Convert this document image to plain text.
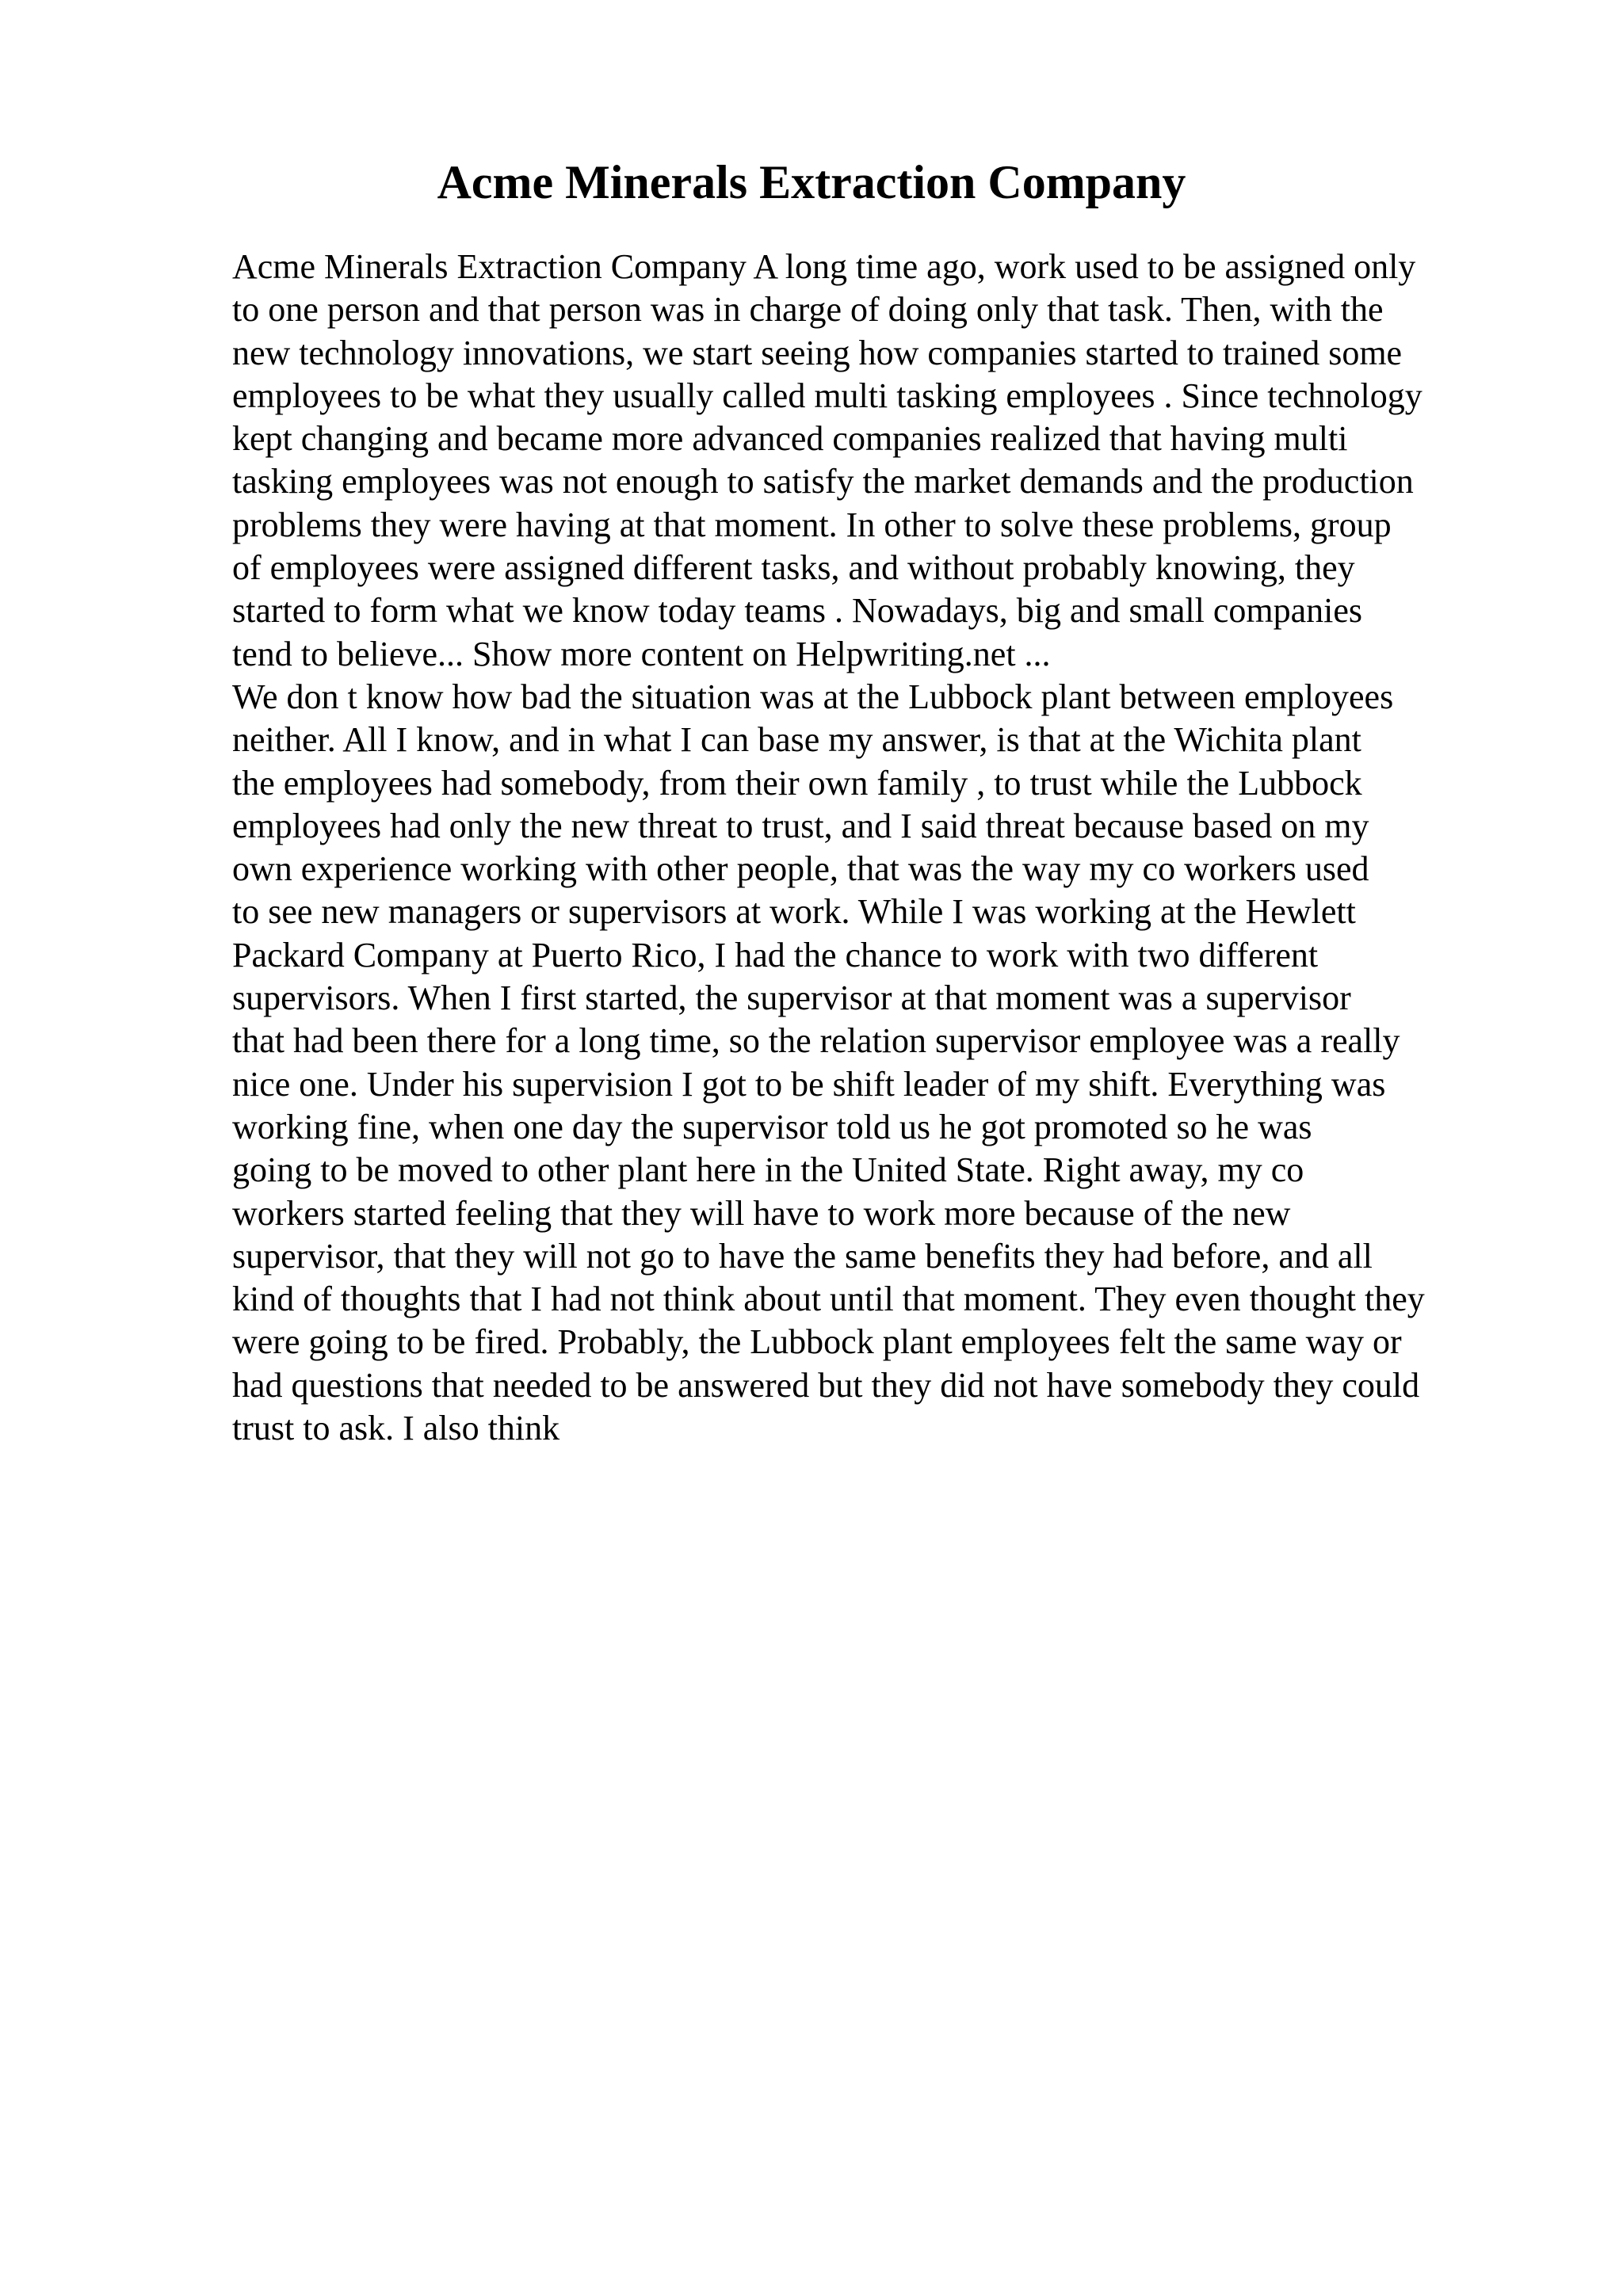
Acme Minerals Extraction Company
Acme Minerals Extraction Company A long time ago, work used to be assigned only
to one person and that person was in charge of doing only that task. Then, with the
new technology innovations, we start seeing how companies started to trained some
employees to be what they usually called multi tasking employees . Since technology
kept changing and became more advanced companies realized that having multi
tasking employees was not enough to satisfy the market demands and the production
problems they were having at that moment. In other to solve these problems, group
of employees were assigned different tasks, and without probably knowing, they
started to form what we know today teams . Nowadays, big and small companies
tend to believe... Show more content on Helpwriting.net ...
We don t know how bad the situation was at the Lubbock plant between employees
neither. All I know, and in what I can base my answer, is that at the Wichita plant
the employees had somebody, from their own family , to trust while the Lubbock
employees had only the new threat to trust, and I said threat because based on my
own experience working with other people, that was the way my co workers used
to see new managers or supervisors at work. While I was working at the Hewlett
Packard Company at Puerto Rico, I had the chance to work with two different
supervisors. When I first started, the supervisor at that moment was a supervisor
that had been there for a long time, so the relation supervisor employee was a really
nice one. Under his supervision I got to be shift leader of my shift. Everything was
working fine, when one day the supervisor told us he got promoted so he was
going to be moved to other plant here in the United State. Right away, my co
workers started feeling that they will have to work more because of the new
supervisor, that they will not go to have the same benefits they had before, and all
kind of thoughts that I had not think about until that moment. They even thought they
were going to be fired. Probably, the Lubbock plant employees felt the same way or
had questions that needed to be answered but they did not have somebody they could
trust to ask. I also think
